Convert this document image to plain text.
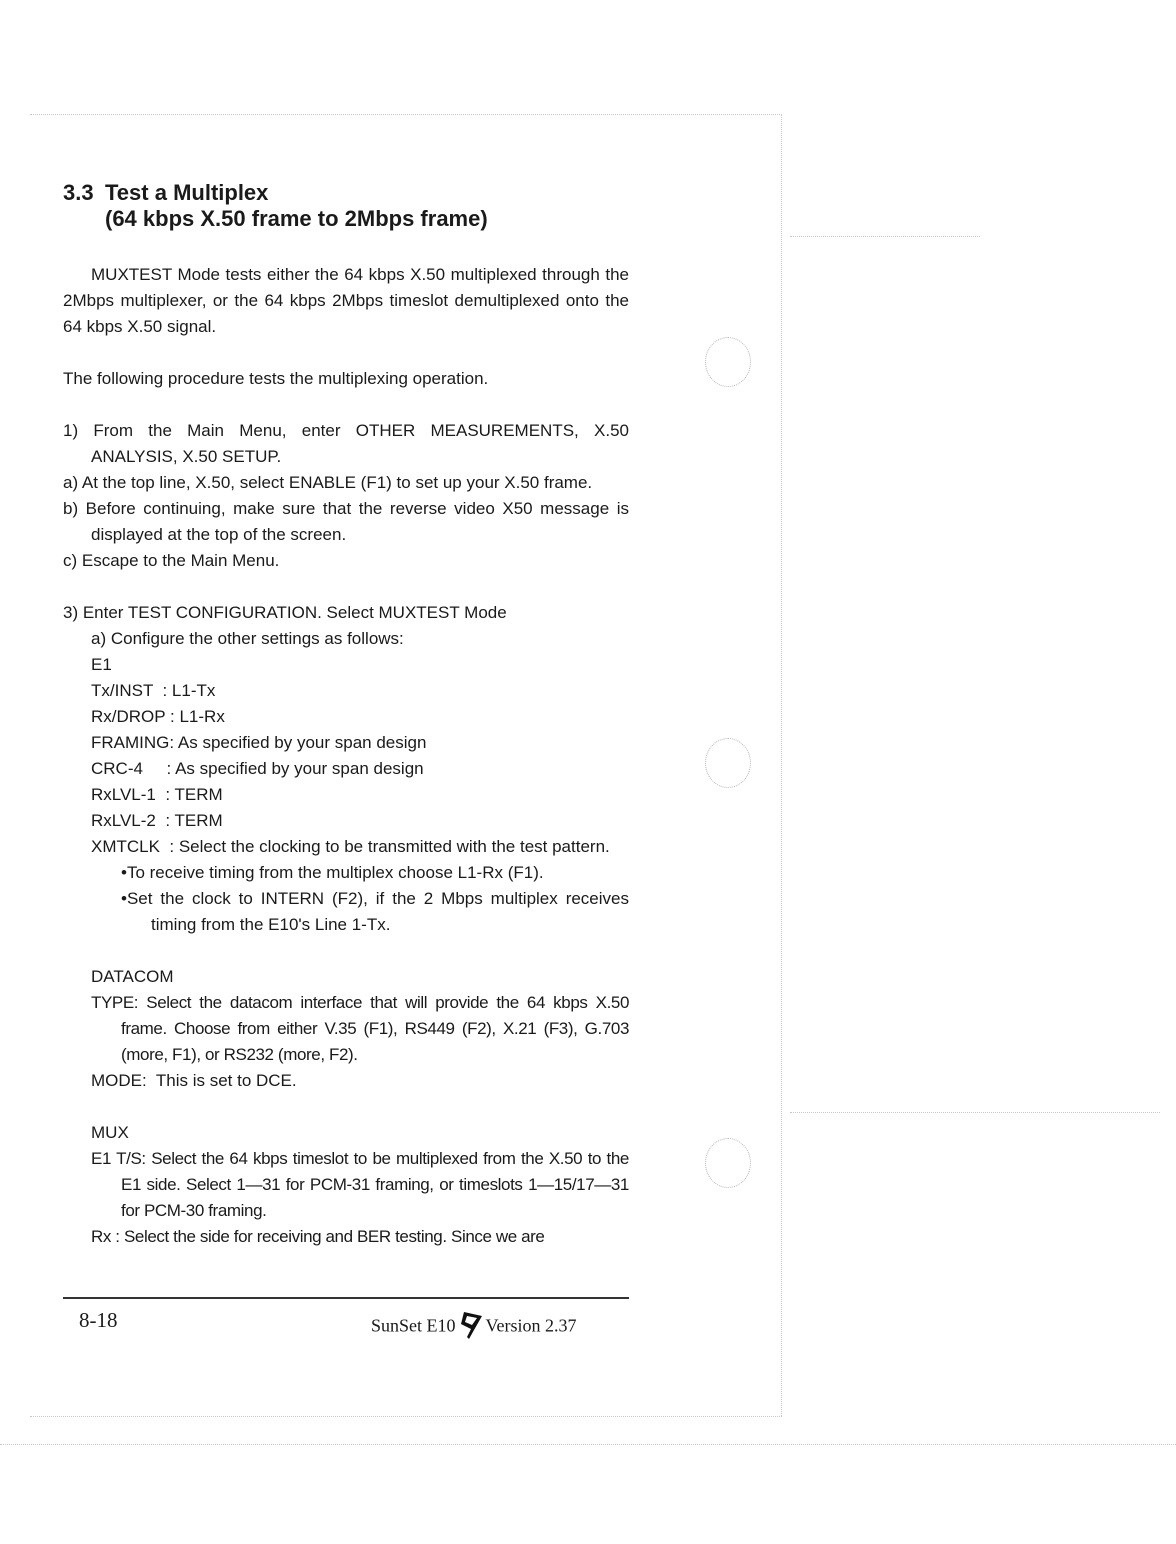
3.3 Test a Multiplex
(64 kbps X.50 frame to 2Mbps frame)

MUXTEST Mode tests either the 64 kbps X.50 multiplexed through the 2Mbps multiplexer, or the 64 kbps 2Mbps timeslot demultiplexed onto the 64 kbps X.50 signal.

The following procedure tests the multiplexing operation.

1) From the Main Menu, enter OTHER MEASUREMENTS, X.50 ANALYSIS, X.50 SETUP.
a) At the top line, X.50, select ENABLE (F1) to set up your X.50 frame.
b) Before continuing, make sure that the reverse video X50 message is displayed at the top of the screen.
c) Escape to the Main Menu.
3) Enter TEST CONFIGURATION. Select MUXTEST Mode
a) Configure the other settings as follows:
E1
Tx/INST  : L1-Tx
Rx/DROP : L1-Rx
FRAMING: As specified by your span design
CRC-4     : As specified by your span design
RxLVL-1  : TERM
RxLVL-2  : TERM
XMTCLK  : Select the clocking to be transmitted with the test pattern.
•To receive timing from the multiplex choose L1-Rx (F1).
•Set the clock to INTERN (F2), if the 2 Mbps multiplex receives timing from the E10's Line 1-Tx.
DATACOM
TYPE: Select the datacom interface that will provide the 64 kbps X.50 frame. Choose from either V.35 (F1), RS449 (F2), X.21 (F3), G.703 (more, F1), or RS232 (more, F2).
MODE:  This is set to DCE.
MUX
E1 T/S: Select the 64 kbps timeslot to be multiplexed from the X.50 to the E1 side. Select 1—31 for PCM-31 framing, or timeslots 1—15/17—31 for PCM-30 framing.
Rx : Select the side for receiving and BER testing. Since we are
8-18	SunSet E10 Version 2.37
